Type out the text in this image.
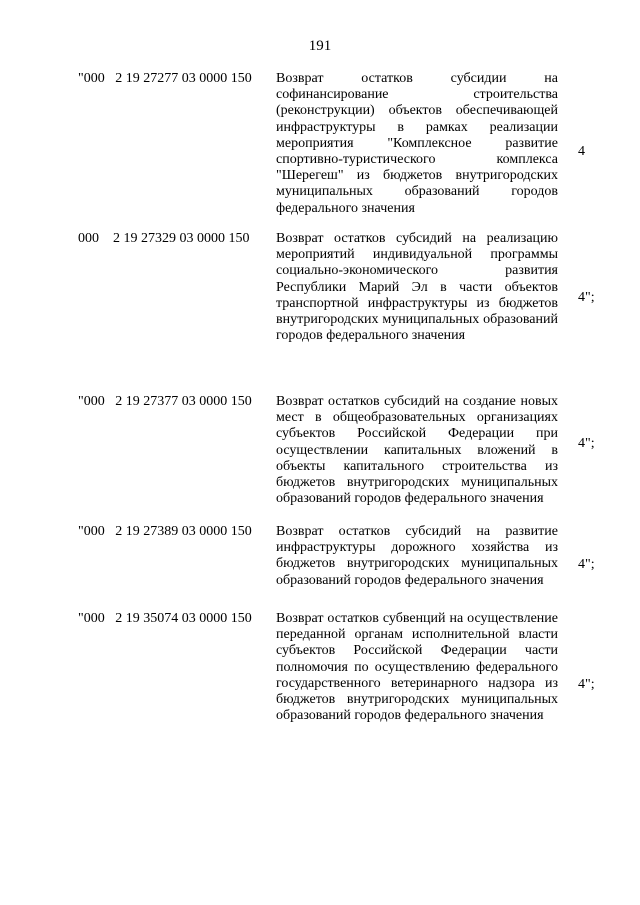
191
"000   2 19 27277 03 0000 150 Возврат остатков субсидии на софинансирование строительства (реконструкции) объектов обеспечивающей инфраструктуры в рамках реализации мероприятия "Комплексное развитие спортивно-туристического комплекса "Шерегеш" из бюджетов внутригородских муниципальных образований городов федерального значения
4
000    2 19 27329 03 0000 150 Возврат остатков субсидий на реализацию мероприятий индивидуальной программы социально-экономического развития Республики Марий Эл в части объектов транспортной инфраструктуры из бюджетов внутригородских муниципальных образований городов федерального значения
4";
"000   2 19 27377 03 0000 150 Возврат остатков субсидий на создание новых мест в общеобразовательных организациях субъектов Российской Федерации при осуществлении капитальных вложений в объекты капитального строительства из бюджетов внутригородских муниципальных образований городов федерального значения
4";
"000   2 19 27389 03 0000 150 Возврат остатков субсидий на развитие инфраструктуры дорожного хозяйства из бюджетов внутригородских муниципальных образований городов федерального значения
4";
"000   2 19 35074 03 0000 150 Возврат остатков субвенций на осуществление переданной органам исполнительной власти субъектов Российской Федерации части полномочия по осуществлению федерального государственного ветеринарного надзора из бюджетов внутригородских муниципальных образований городов федерального значения
4";
